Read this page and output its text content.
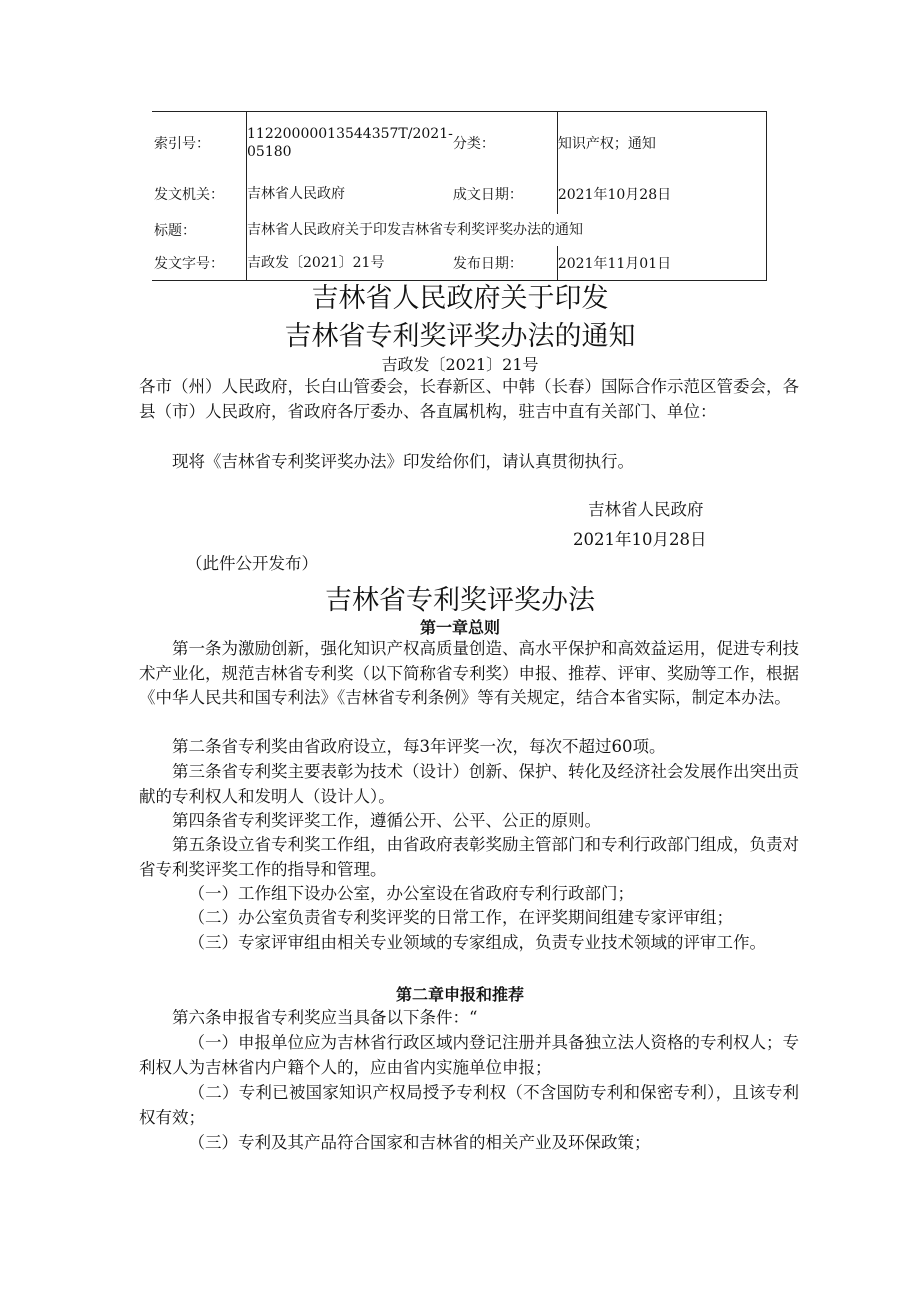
索引号：	11220000013544357T/2021-05180	分类：	知识产权；通知
发文机关：	吉林省人民政府	成文日期：	2021年10月28日
标题：	吉林省人民政府关于印发吉林省专利奖评奖办法的通知		
发文字号：	吉政发〔2021〕21号	发布日期：	2021年11月01日
吉林省人民政府关于印发
吉林省专利奖评奖办法的通知
吉政发〔2021〕21号

各市（州）人民政府，长白山管委会，长春新区、中韩（长春）国际合作示范区管委会，各县（市）人民政府，省政府各厅委办、各直属机构，驻吉中直有关部门、单位：

现将《吉林省专利奖评奖办法》印发给你们，请认真贯彻执行。

吉林省人民政府
2021年10月28日
（此件公开发布）
吉林省专利奖评奖办法
第一章总则

第一条为激励创新，强化知识产权高质量创造、高水平保护和高效益运用，促进专利技术产业化，规范吉林省专利奖（以下简称省专利奖）申报、推荐、评审、奖励等工作，根据《中华人民共和国专利法》《吉林省专利条例》等有关规定，结合本省实际，制定本办法。

第二条省专利奖由省政府设立，每3年评奖一次，每次不超过60项。

第三条省专利奖主要表彰为技术（设计）创新、保护、转化及经济社会发展作出突出贡献的专利权人和发明人（设计人）。

第四条省专利奖评奖工作，遵循公开、公平、公正的原则。

第五条设立省专利奖工作组，由省政府表彰奖励主管部门和专利行政部门组成，负责对省专利奖评奖工作的指导和管理。

（一）工作组下设办公室，办公室设在省政府专利行政部门；

（二）办公室负责省专利奖评奖的日常工作，在评奖期间组建专家评审组；

（三）专家评审组由相关专业领域的专家组成，负责专业技术领域的评审工作。

第二章申报和推荐

第六条申报省专利奖应当具备以下条件：“

（一）申报单位应为吉林省行政区域内登记注册并具备独立法人资格的专利权人；专利权人为吉林省内户籍个人的，应由省内实施单位申报；

（二）专利已被国家知识产权局授予专利权（不含国防专利和保密专利），且该专利权有效；

（三）专利及其产品符合国家和吉林省的相关产业及环保政策；
